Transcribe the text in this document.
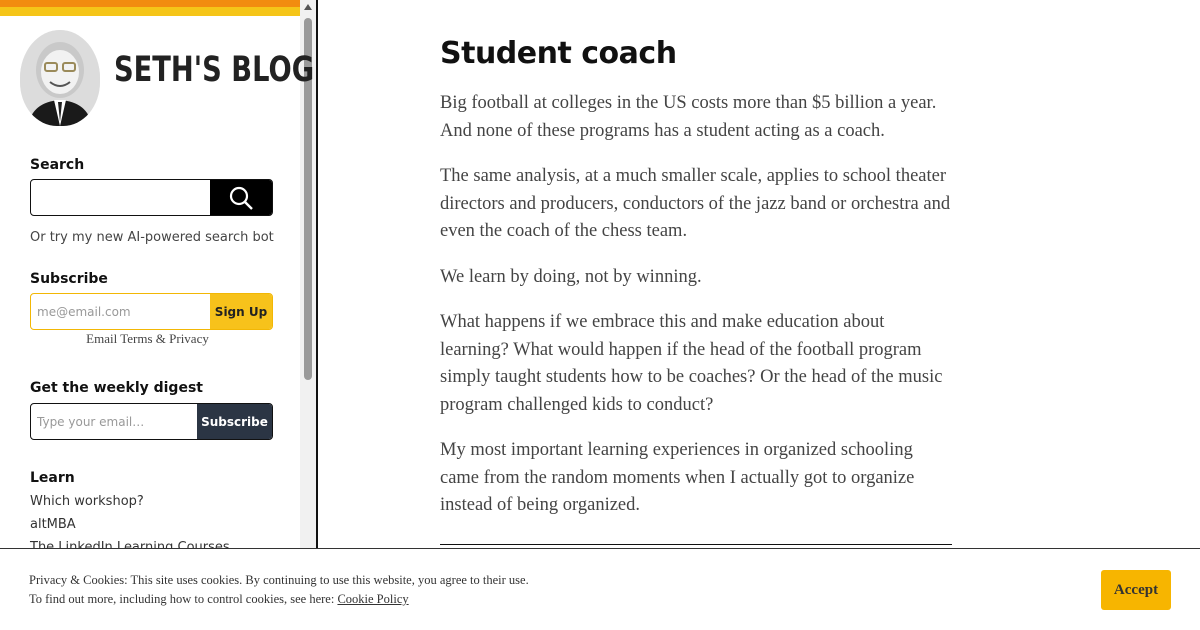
SETH'S BLOG
Search
Or try my new AI-powered search bot
Subscribe
me@email.com
Sign Up
Email Terms & Privacy
Get the weekly digest
Type your email…
Subscribe
Learn
Which workshop?
altMBA
Student coach

Big football at colleges in the US costs more than $5 billion a year. And none of these programs has a student acting as a coach.

The same analysis, at a much smaller scale, applies to school theater directors and producers, conductors of the jazz band or orchestra and even the coach of the chess team.

We learn by doing, not by winning.

What happens if we embrace this and make education about learning? What would happen if the head of the football program simply taught students how to be coaches? Or the head of the music program challenged kids to conduct?

My most important learning experiences in organized schooling came from the random moments when I actually got to organize instead of being organized.

Privacy & Cookies: This site uses cookies. By continuing to use this website, you agree to their use.
To find out more, including how to control cookies, see here: Cookie Policy
Accept
